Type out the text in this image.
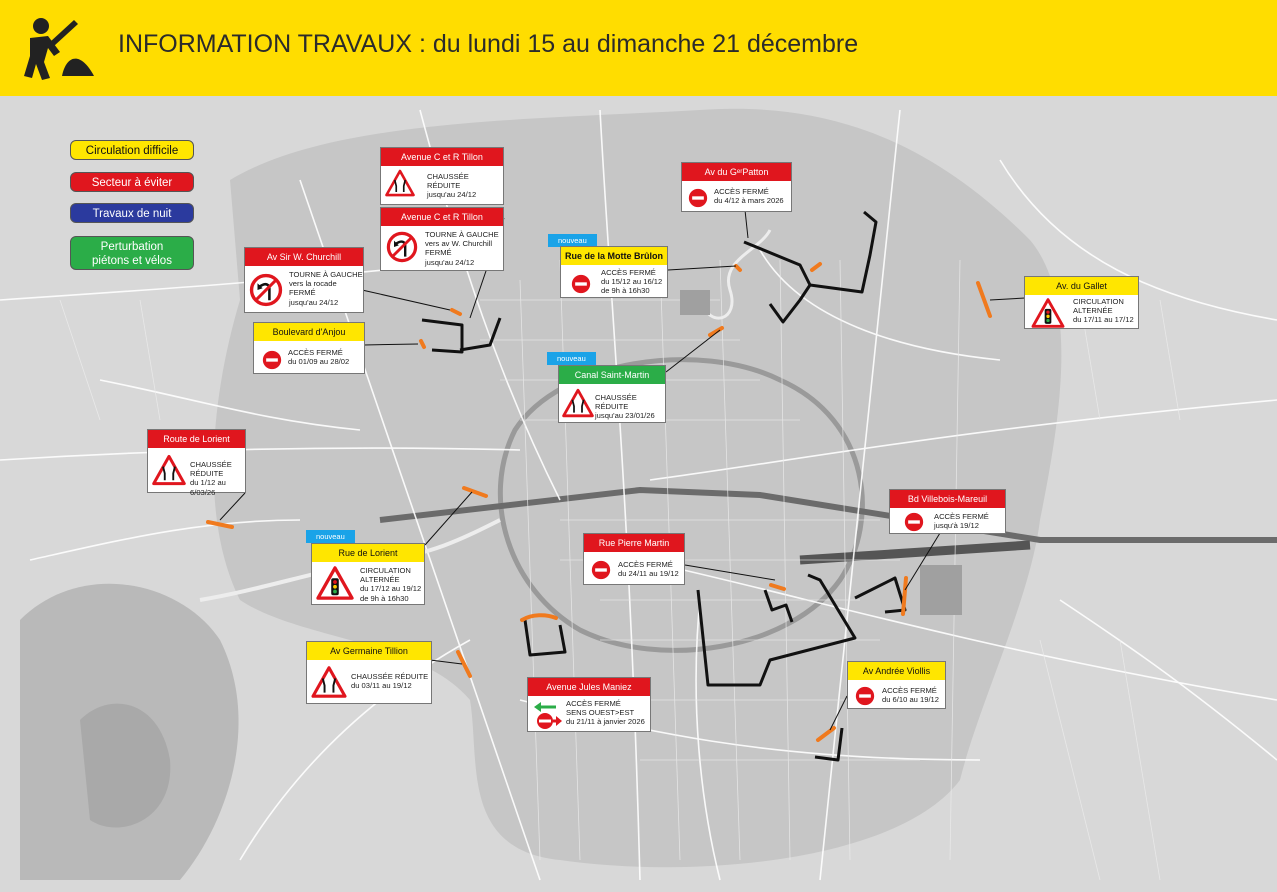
INFORMATION TRAVAUX : du lundi 15 au dimanche 21 décembre
Circulation difficile
Secteur à éviter
Travaux de nuit
Perturbation
piétons et vélos
Avenue C et R Tillon
CHAUSSÉE RÉDUITE
jusqu'au 24/12
Avenue C et R Tillon
TOURNE À GAUCHE
vers av W. Churchill
FERMÉ
jusqu'au 24/12
Av Sir W. Churchill
TOURNE À GAUCHE
vers la rocade
FERMÉ
jusqu'au 24/12
Boulevard d'Anjou
ACCÈS FERMÉ
du 01/09 au 28/02
Av du GᵉʳPatton
ACCÈS FERMÉ
du 4/12 à mars 2026
nouveau
Rue de la Motte Brûlon
ACCÈS FERMÉ
du 15/12 au 16/12
de 9h à 16h30	Av. du Gallet
CIRCULATION
ALTERNÉE
du 17/11 au 17/12
nouveau
Canal Saint-Martin
CHAUSSÉE RÉDUITE
jusqu'au 23/01/26
Route de Lorient
CHAUSSÉE RÉDUITE
du 1/12 au 6/03/26
Bd Villebois-Mareuil
ACCÈS FERMÉ
jusqu'à 19/12
nouveau
Rue de Lorient
CIRCULATION
ALTERNÉE
du 17/12 au 19/12
de 9h à 16h30
Rue Pierre Martin
ACCÈS FERMÉ
du 24/11 au 19/12
Av Germaine Tillion
CHAUSSÉE RÉDUITE
du 03/11 au 19/12
Av Andrée Viollis
ACCÈS FERMÉ
du 6/10 au 19/12
Avenue Jules Maniez
ACCÈS FERMÉ
SENS OUEST>EST
du 21/11 à janvier 2026
